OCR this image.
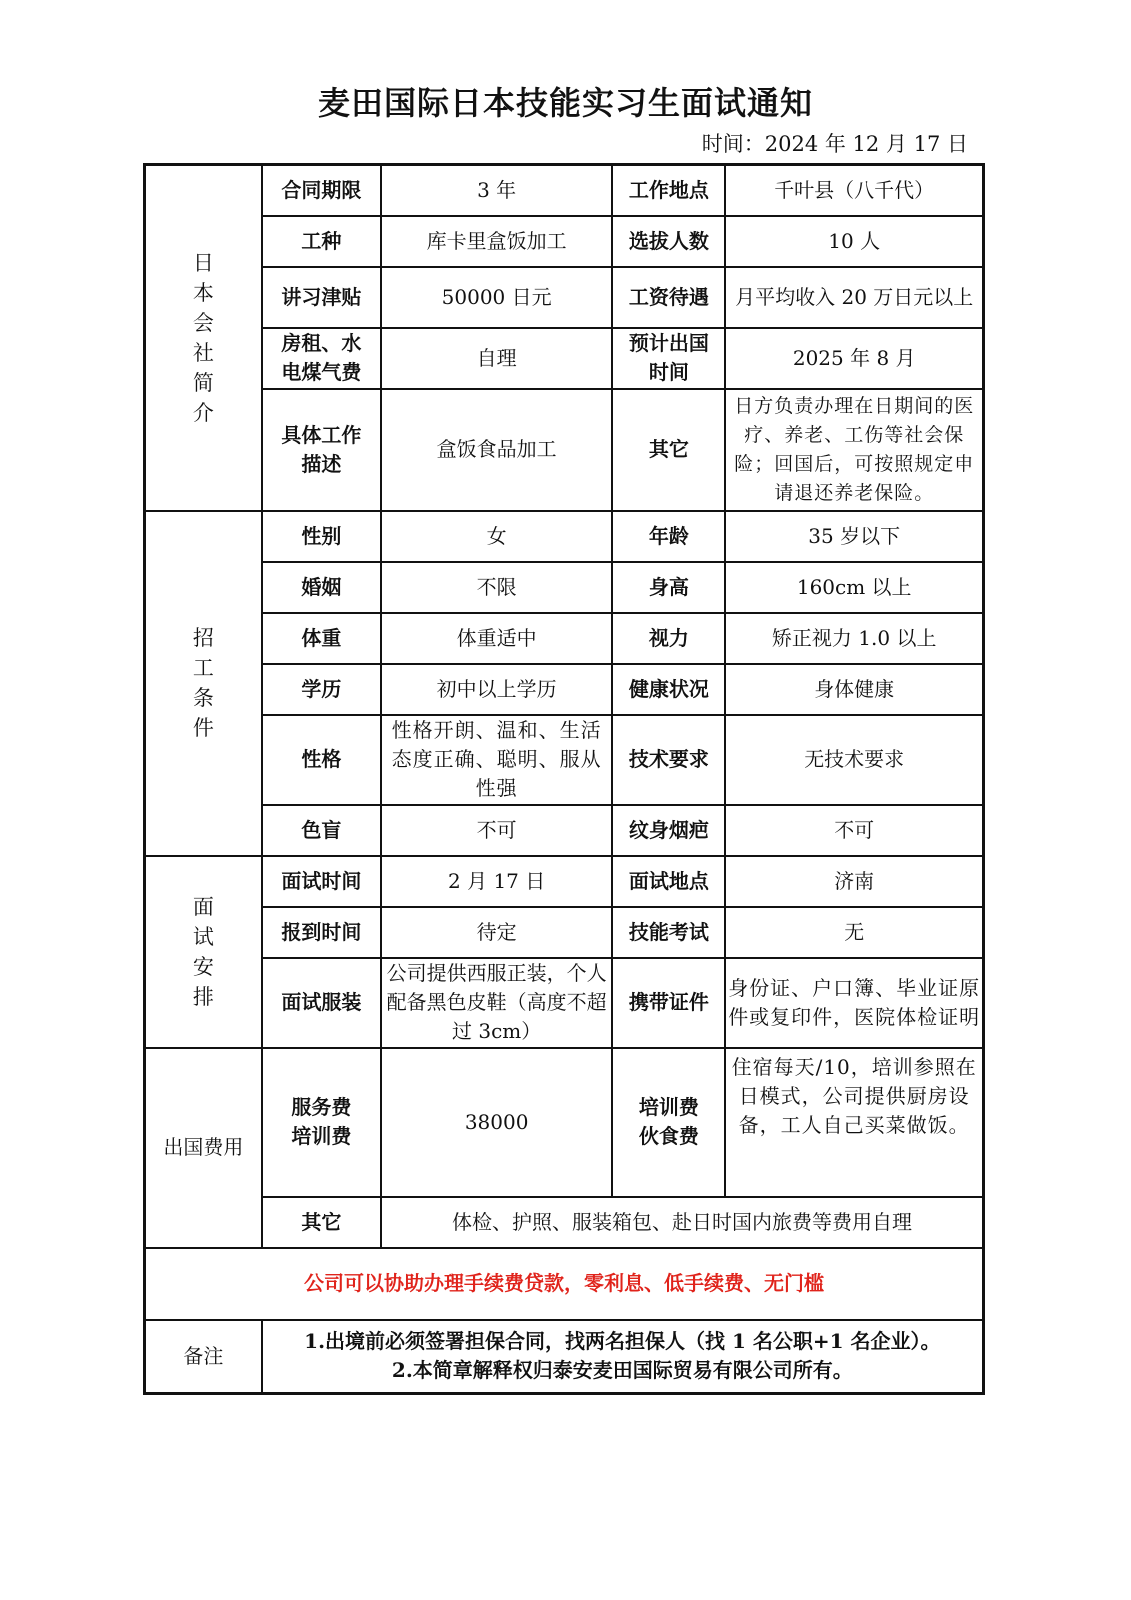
麦田国际日本技能实习生面试通知
时间：2024 年 12 月 17 日
日本会社简介	合同期限	3 年	工作地点	千叶县（八千代）
	工种	库卡里盒饭加工	选拔人数	10 人
	讲习津贴	50000 日元	工资待遇	月平均收入 20 万日元以上
	房租、水电煤气费	自理	预计出国时间	2025 年 8 月
	具体工作描述	盒饭食品加工	其它	日方负责办理在日期间的医疗、养老、工伤等社会保险；回国后，可按照规定申请退还养老保险。
招工条件	性别	女	年龄	35 岁以下
	婚姻	不限	身高	160cm 以上
	体重	体重适中	视力	矫正视力 1.0 以上
	学历	初中以上学历	健康状况	身体健康
	性格	性格开朗、温和、生活态度正确、聪明、服从性强	技术要求	无技术要求
	色盲	不可	纹身烟疤	不可
面试安排	面试时间	2 月 17 日	面试地点	济南
	报到时间	待定	技能考试	无
	面试服装	公司提供西服正装，个人配备黑色皮鞋（高度不超过 3cm）	携带证件	身份证、户口簿、毕业证原件或复印件，医院体检证明
出国费用	服务费培训费	38000	培训费伙食费	住宿每天/10，培训参照在日模式，公司提供厨房设备，工人自己买菜做饭。
	其它	体检、护照、服装箱包、赴日时国内旅费等费用自理		
公司可以协助办理手续费贷款，零利息、低手续费、无门槛				
备注	1.出境前必须签署担保合同，找两名担保人（找 1 名公职+1 名企业）。
2.本简章解释权归泰安麦田国际贸易有限公司所有。			
